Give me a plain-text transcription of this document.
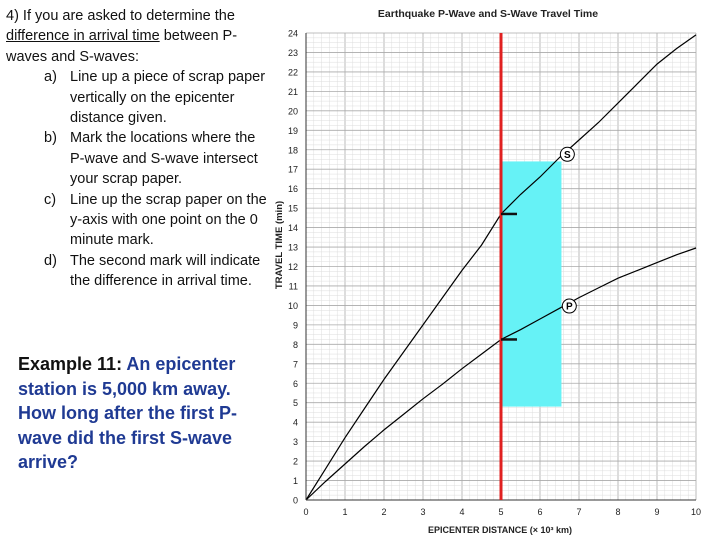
4) If you are asked to determine the difference in arrival time between P-waves and S-waves:

a) Line up a piece of scrap paper vertically on the epicenter distance given.
b) Mark the locations where the P-wave and S-wave intersect your scrap paper.
c) Line up the scrap paper on the y-axis with one point on the 0 minute mark.
d) The second mark will indicate the difference in arrival time.
Example 11: An epicenter station is 5,000 km away. How long after the first P-wave did the first S-wave arrive?
Earthquake P-Wave and S-Wave Travel Time
S
P
0	1	2	3	4	5	6	7	8	9	10
0
1
2
3
4
5
6
7
8
9
10
11
12
13
14
15
16
17
18
19
20
21
22
23
24
TRAVEL TIME (min)
EPICENTER DISTANCE (× 10³ km)
